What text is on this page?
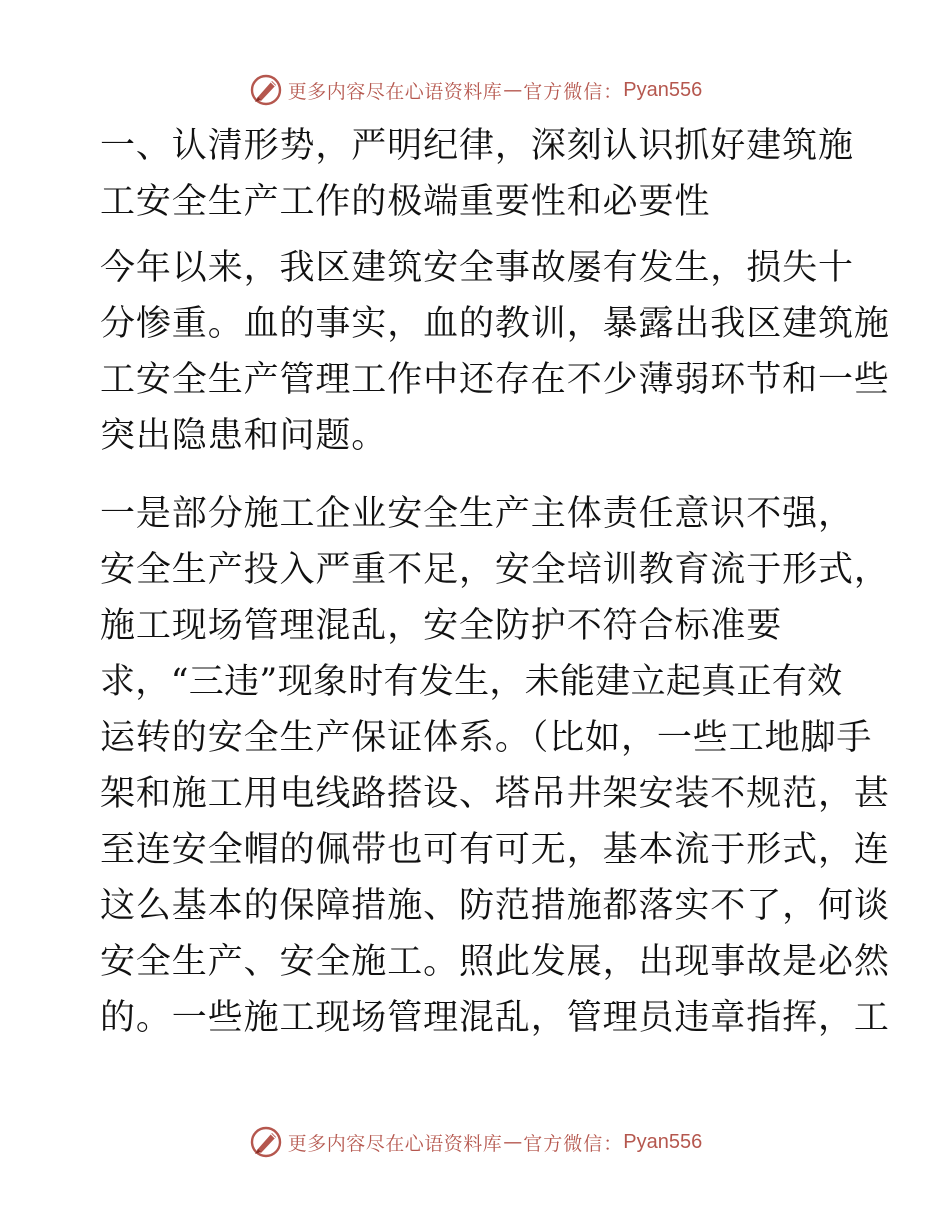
更多内容尽在心语资料库 — 官方微信： Pyan556
一、认清形势，严明纪律，深刻认识抓好建筑施
工安全生产工作的极端重要性和必要性
今年以来，我区建筑安全事故屡有发生，损失十
分惨重。血的事实，血的教训，暴露出我区建筑施
工安全生产管理工作中还存在不少薄弱环节和一些
突出隐患和问题。
一是部分施工企业安全生产主体责任意识不强，
安全生产投入严重不足，安全培训教育流于形式，
施工现场管理混乱，安全防护不符合标准要
求，“三违”现象时有发生，未能建立起真正有效
运转的安全生产保证体系。（比如，一些工地脚手
架和施工用电线路搭设、塔吊井架安装不规范，甚
至连安全帽的佩带也可有可无，基本流于形式，连
这么基本的保障措施、防范措施都落实不了，何谈
安全生产、安全施工。照此发展，出现事故是必然
的。一些施工现场管理混乱，管理员违章指挥，工
更多内容尽在心语资料库 — 官方微信： Pyan556
